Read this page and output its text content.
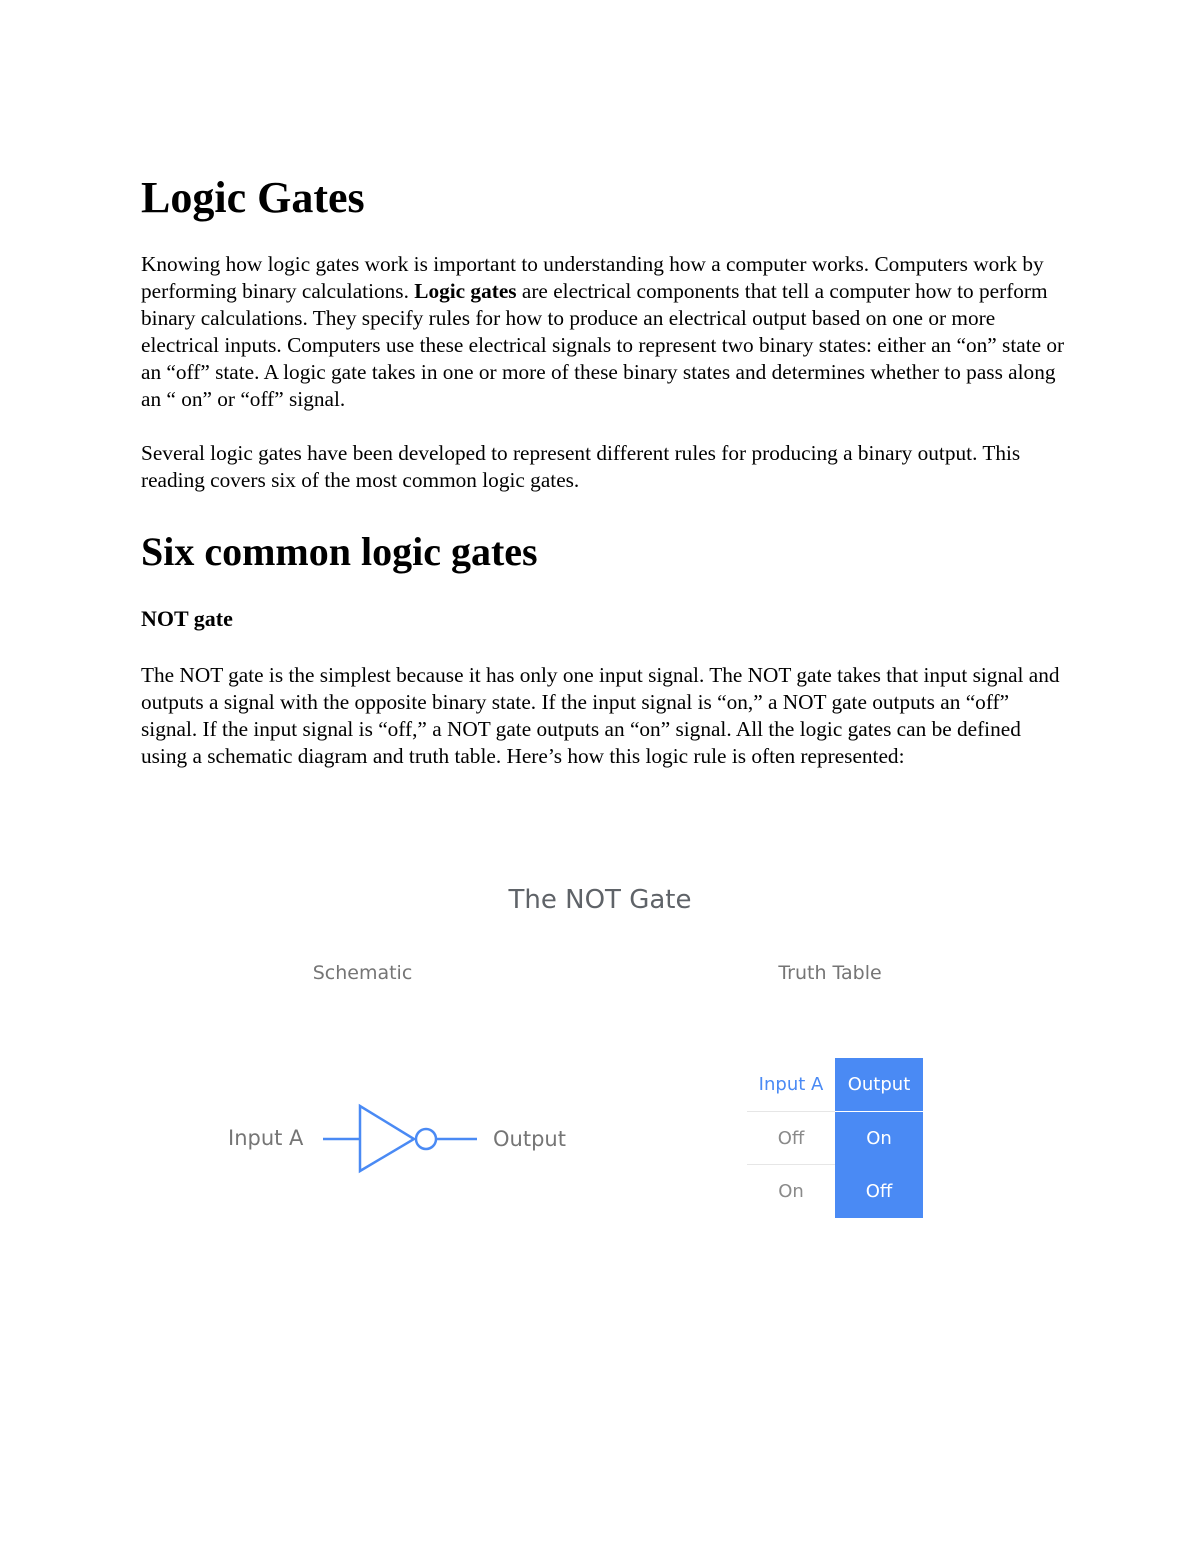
Logic Gates

Knowing how logic gates work is important to understanding how a computer works. Computers work by performing binary calculations. Logic gates are electrical components that tell a computer how to perform binary calculations. They specify rules for how to produce an electrical output based on one or more electrical inputs. Computers use these electrical signals to represent two binary states: either an “on” state or an “off” state. A logic gate takes in one or more of these binary states and determines whether to pass along an “ on” or “off” signal.

Several logic gates have been developed to represent different rules for producing a binary output. This reading covers six of the most common logic gates.

Six common logic gates
NOT gate

The NOT gate is the simplest because it has only one input signal. The NOT gate takes that input signal and outputs a signal with the opposite binary state. If the input signal is “on,” a NOT gate outputs an “off” signal. If the input signal is “off,” a NOT gate outputs an “on” signal. All the logic gates can be defined using a schematic diagram and truth table. Here’s how this logic rule is often represented:

The NOT Gate
Schematic	Truth Table
Input A	Output
Input A	Output
Off	On
On	Off
